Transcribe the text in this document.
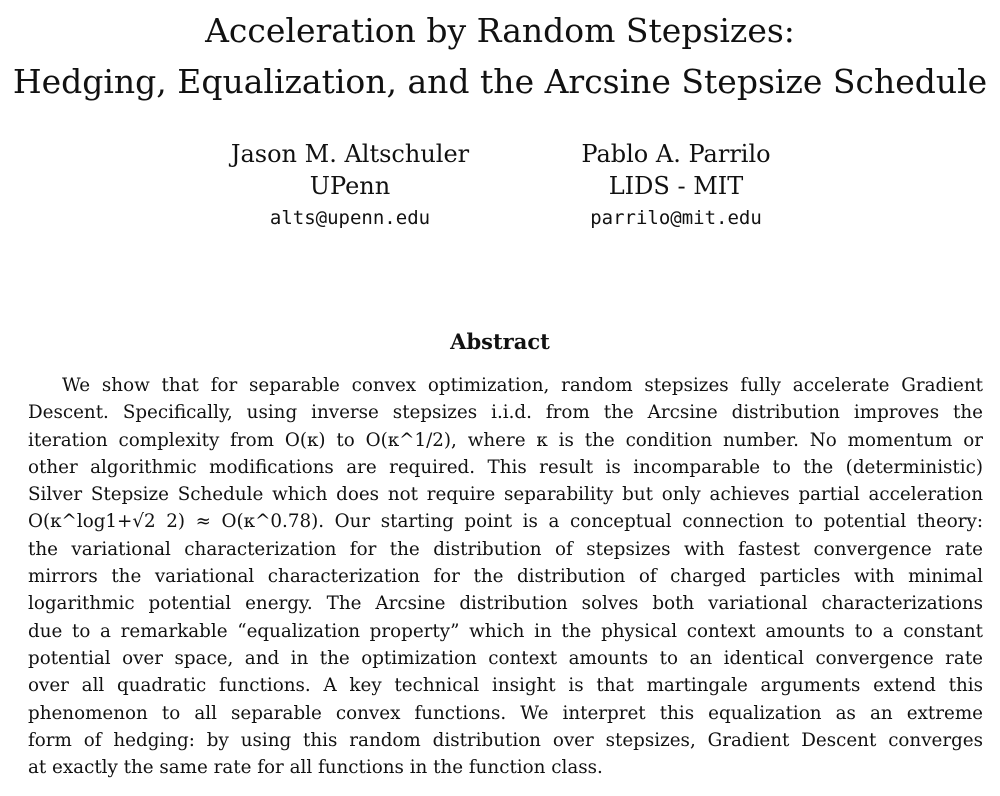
Acceleration by Random Stepsizes:
Hedging, Equalization, and the Arcsine Stepsize Schedule
Jason M. Altschuler
UPenn
alts@upenn.edu
Pablo A. Parrilo
LIDS - MIT
parrilo@mit.edu
Abstract
We show that for separable convex optimization, random stepsizes fully accelerate Gradient
Descent. Specifically, using inverse stepsizes i.i.d. from the Arcsine distribution improves the
iteration complexity from O(κ) to O(κ^1/2), where κ is the condition number. No momentum or
other algorithmic modifications are required. This result is incomparable to the (deterministic)
Silver Stepsize Schedule which does not require separability but only achieves partial acceleration
O(κ^log1+√2 2) ≈ O(κ^0.78). Our starting point is a conceptual connection to potential theory:
the variational characterization for the distribution of stepsizes with fastest convergence rate
mirrors the variational characterization for the distribution of charged particles with minimal
logarithmic potential energy. The Arcsine distribution solves both variational characterizations
due to a remarkable “equalization property” which in the physical context amounts to a constant
potential over space, and in the optimization context amounts to an identical convergence rate
over all quadratic functions. A key technical insight is that martingale arguments extend this
phenomenon to all separable convex functions. We interpret this equalization as an extreme
form of hedging: by using this random distribution over stepsizes, Gradient Descent converges
at exactly the same rate for all functions in the function class.
